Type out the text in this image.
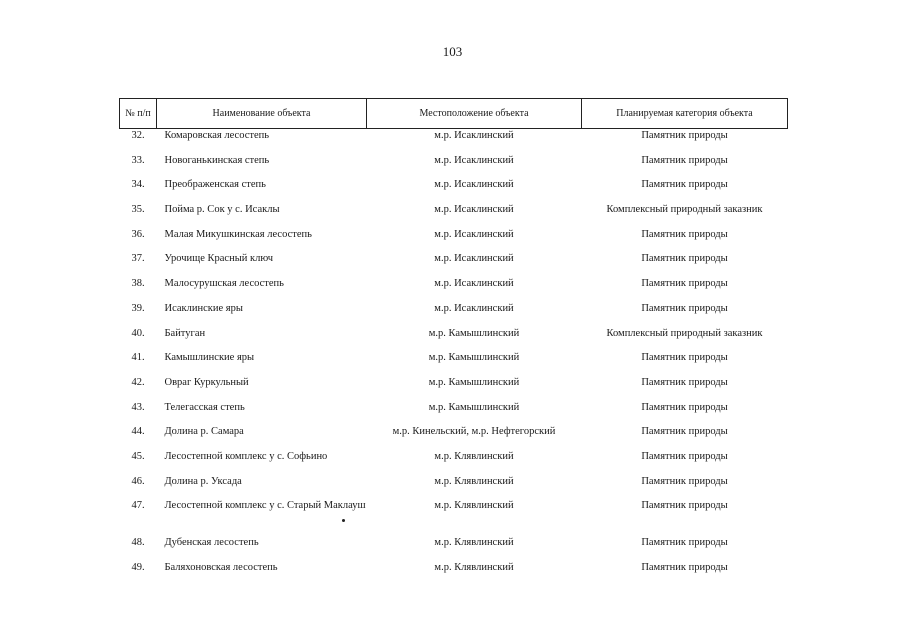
103
№ п/п	Наименование объекта	Местоположение объекта	Планируемая категория объекта
32.	Комаровская лесостепь	м.р. Исаклинский	Памятник природы
33.	Новоганькинская степь	м.р. Исаклинский	Памятник природы
34.	Преображенская степь	м.р. Исаклинский	Памятник природы
35.	Пойма р. Сок у с. Исаклы	м.р. Исаклинский	Комплексный природный заказник
36.	Малая Микушкинская лесостепь	м.р. Исаклинский	Памятник природы
37.	Урочище Красный ключ	м.р. Исаклинский	Памятник природы
38.	Малосурушская лесостепь	м.р. Исаклинский	Памятник природы
39.	Исаклинские яры	м.р. Исаклинский	Памятник природы
40.	Байтуган	м.р. Камышлинский	Комплексный природный заказник
41.	Камышлинские яры	м.р. Камышлинский	Памятник природы
42.	Овраг Куркульный	м.р. Камышлинский	Памятник природы
43.	Телегасская степь	м.р. Камышлинский	Памятник природы
44.	Долина р. Самара	м.р. Кинельский, м.р. Нефтегорский	Памятник природы
45.	Лесостепной комплекс у с. Софьино	м.р. Клявлинский	Памятник природы
46.	Долина р. Уксада	м.р. Клявлинский	Памятник природы
47.	Лесостепной комплекс у с. Старый Маклауш	м.р. Клявлинский	Памятник природы
48.	Дубенская лесостепь	м.р. Клявлинский	Памятник природы
49.	Баляхоновская лесостепь	м.р. Клявлинский	Памятник природы
